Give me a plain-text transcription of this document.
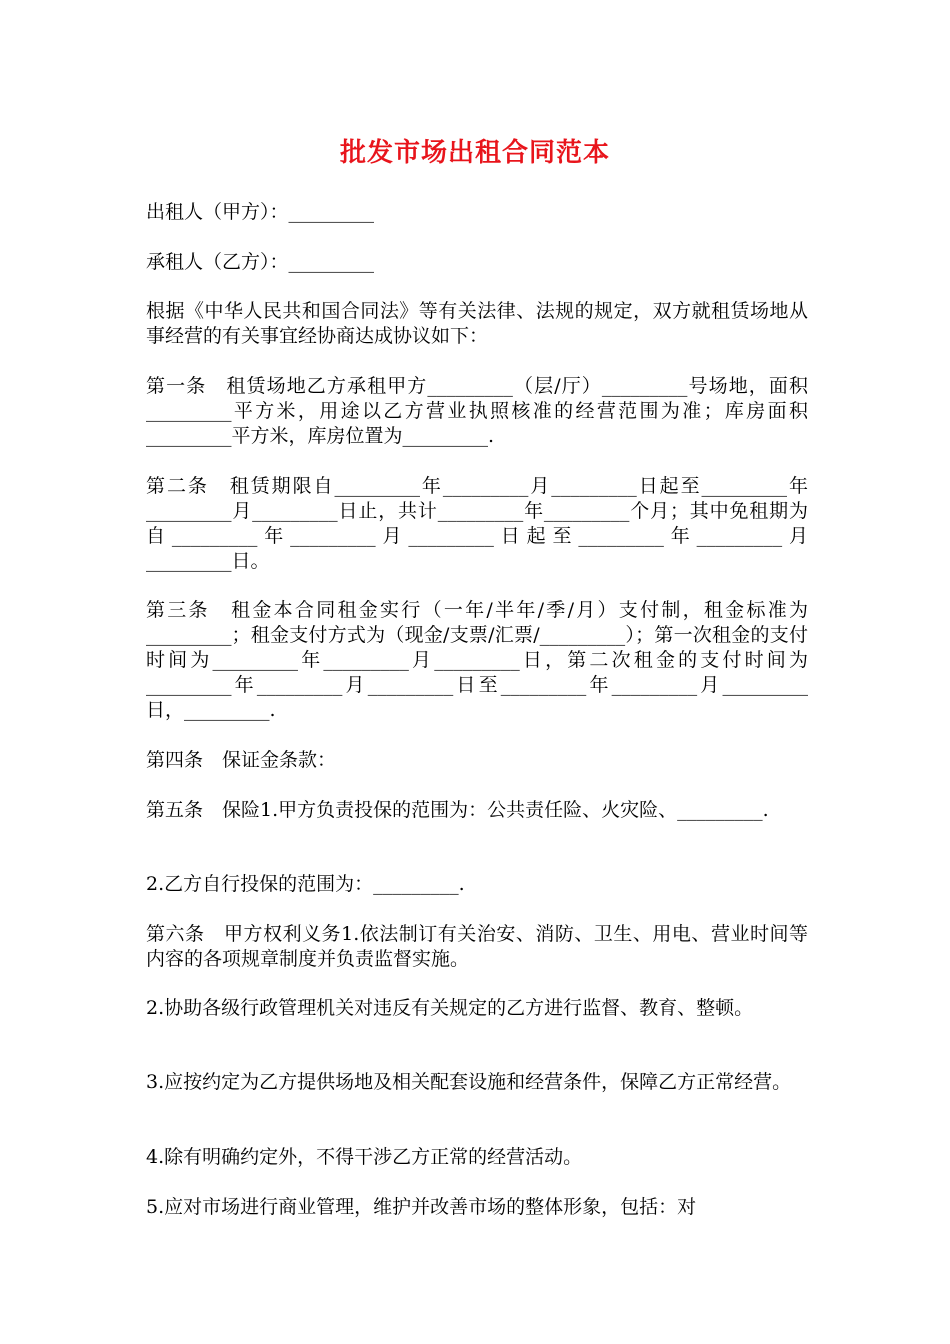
批发市场出租合同范本

出租人（甲方）：_________

承租人（乙方）：_________

根据《中华人民共和国合同法》等有关法律、法规的规定，双方就租赁场地从事经营的有关事宜经协商达成协议如下：

第一条　租赁场地乙方承租甲方_________（层/厅）_________号场地，面积_________平方米，用途以乙方营业执照核准的经营范围为准；库房面积_________平方米，库房位置为_________.

第二条　租赁期限自_________年_________月_________日起至_________年_________月_________日止，共计_________年_________个月；其中免租期为自_________年_________月_________日起至_________年_________月_________日。

第三条　租金本合同租金实行（一年/半年/季/月）支付制，租金标准为_________；租金支付方式为（现金/支票/汇票/_________）；第一次租金的支付时间为_________年_________月_________日，第二次租金的支付时间为_________年_________月_________日至_________年_________月_________日，_________.

第四条　保证金条款：

第五条　保险1.甲方负责投保的范围为：公共责任险、火灾险、_________.

2.乙方自行投保的范围为：_________.

第六条　甲方权利义务1.依法制订有关治安、消防、卫生、用电、营业时间等内容的各项规章制度并负责监督实施。

2.协助各级行政管理机关对违反有关规定的乙方进行监督、教育、整顿。

3.应按约定为乙方提供场地及相关配套设施和经营条件，保障乙方正常经营。

4.除有明确约定外，不得干涉乙方正常的经营活动。

5.应对市场进行商业管理，维护并改善市场的整体形象，包括：对
